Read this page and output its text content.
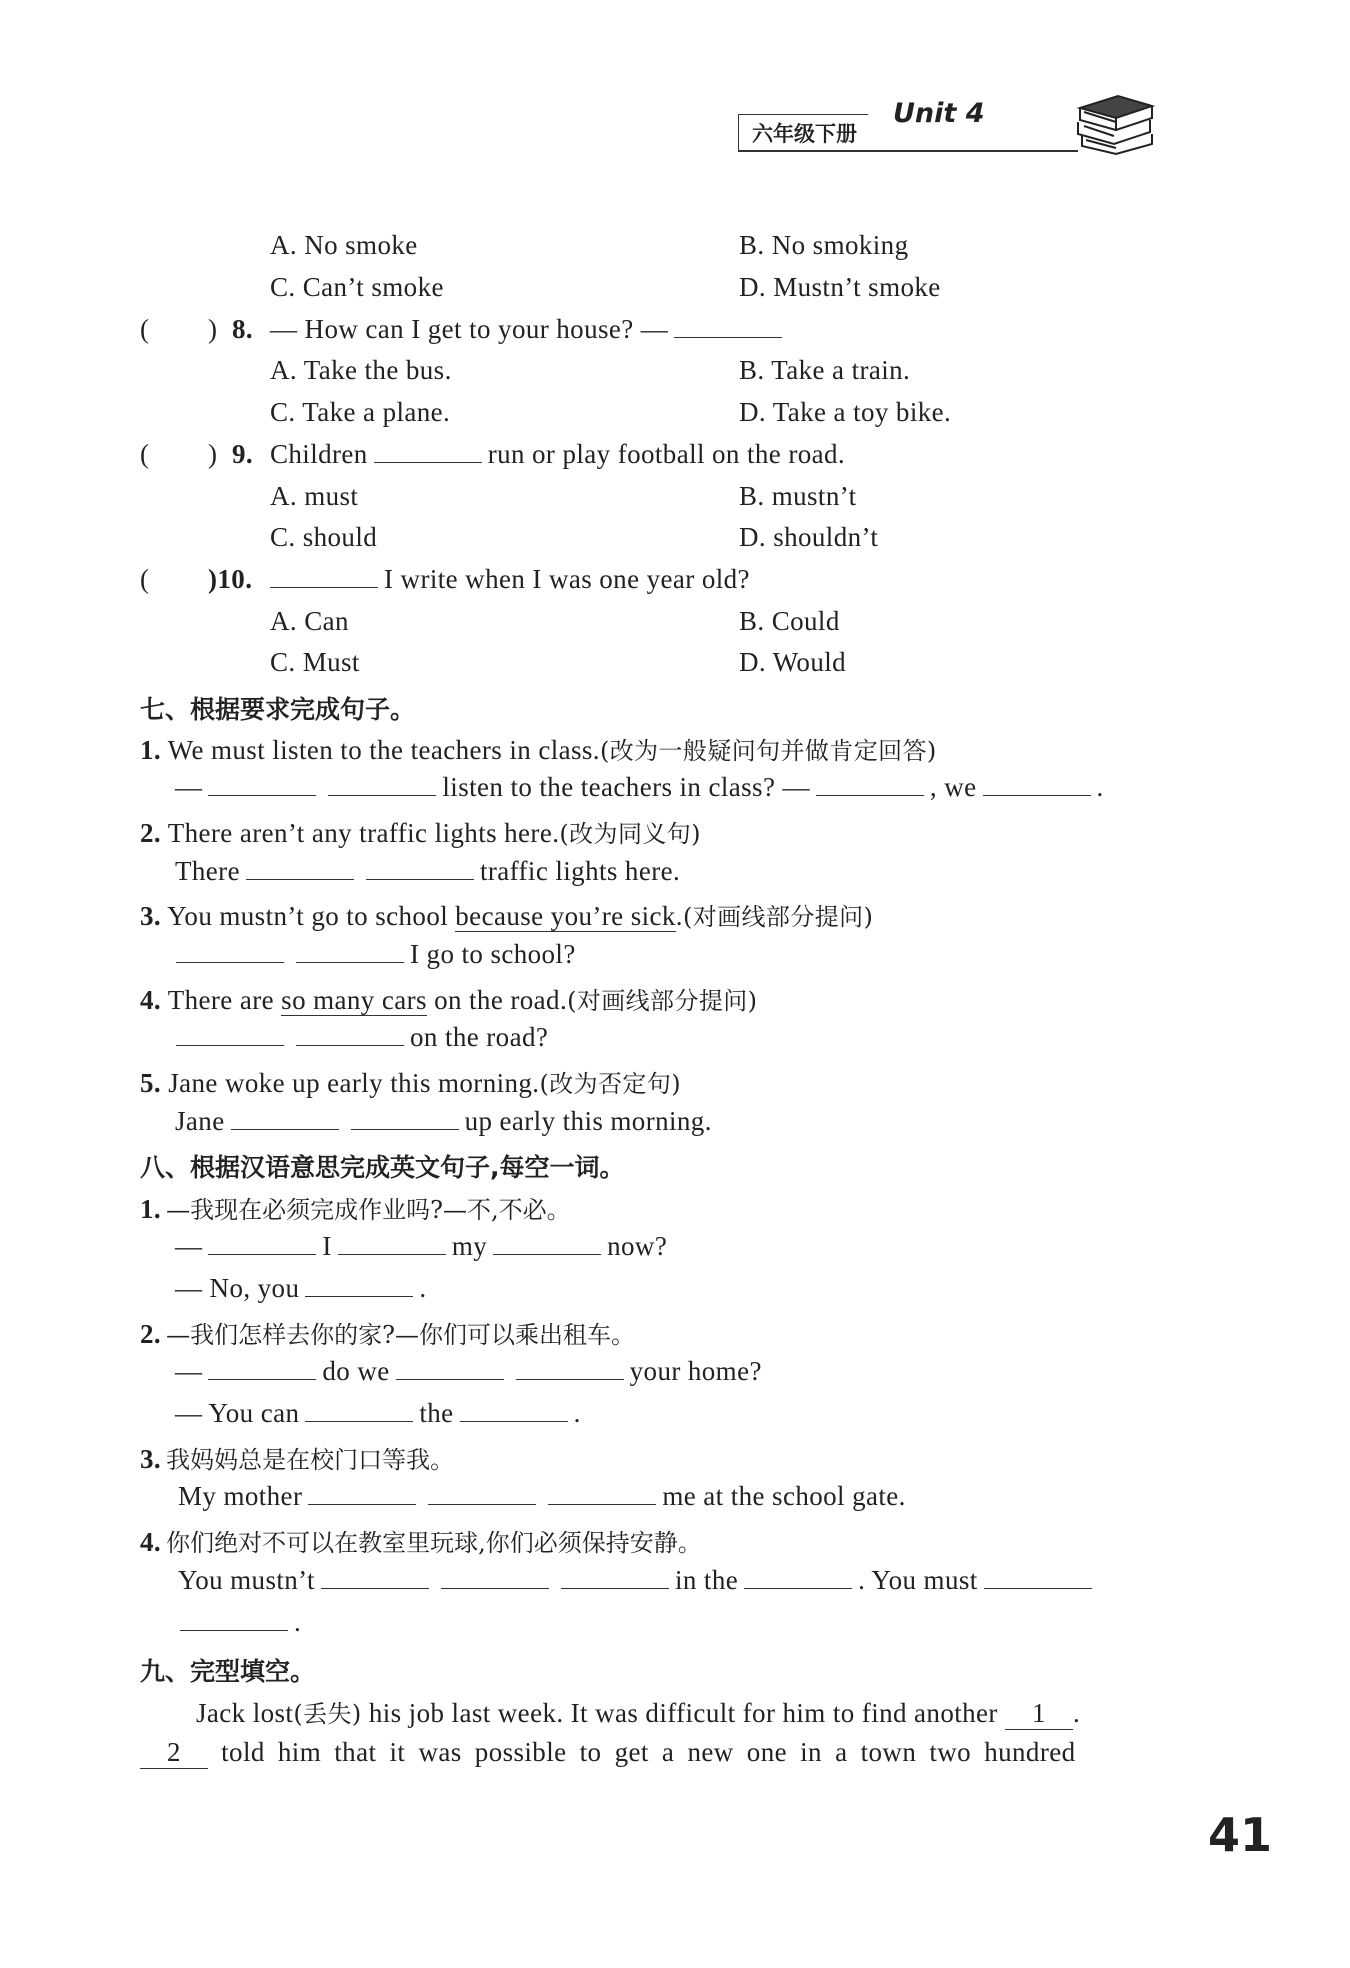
六年级下册
Unit 4
A. No smoke	B. No smoking
C. Can’t smoke	D. Mustn’t smoke
( ) 8. — How can I get to your house? —
A. Take the bus.	B. Take a train.
C. Take a plane.	D. Take a toy bike.
( ) 9. Children	run or play football on the road.
A. must	B. mustn’t
C. should	D. shouldn’t
( )10.	I write when I was one year old?
A. Can	B. Could
C. Must	D. Would
七、根据要求完成句子。
1. We must listen to the teachers in class.(改为一般疑问句并做肯定回答)
—	listen to the teachers in class? —	, we	.
2. There aren’t any traffic lights here.(改为同义句)
There	traffic lights here.
3. You mustn’t go to school because you’re sick.(对画线部分提问)
I go to school?
4. There are so many cars on the road.(对画线部分提问)
on the road?
5. Jane woke up early this morning.(改为否定句)
Jane	up early this morning.
八、根据汉语意思完成英文句子,每空一词。
1. —我现在必须完成作业吗?—不,不必。
—	I	my	now?
— No, you	.
2. —我们怎样去你的家?—你们可以乘出租车。
—	do we	your home?
— You can	the	.
3. 我妈妈总是在校门口等我。
My mother	me at the school gate.
4. 你们绝对不可以在教室里玩球,你们必须保持安静。
You mustn’t	in the	. You must
.
九、完型填空。
Jack lost(丢失) his job last week. It was difficult for him to find another 1 .
2 told him that it was possible to get a new one in a town two hundred
41
